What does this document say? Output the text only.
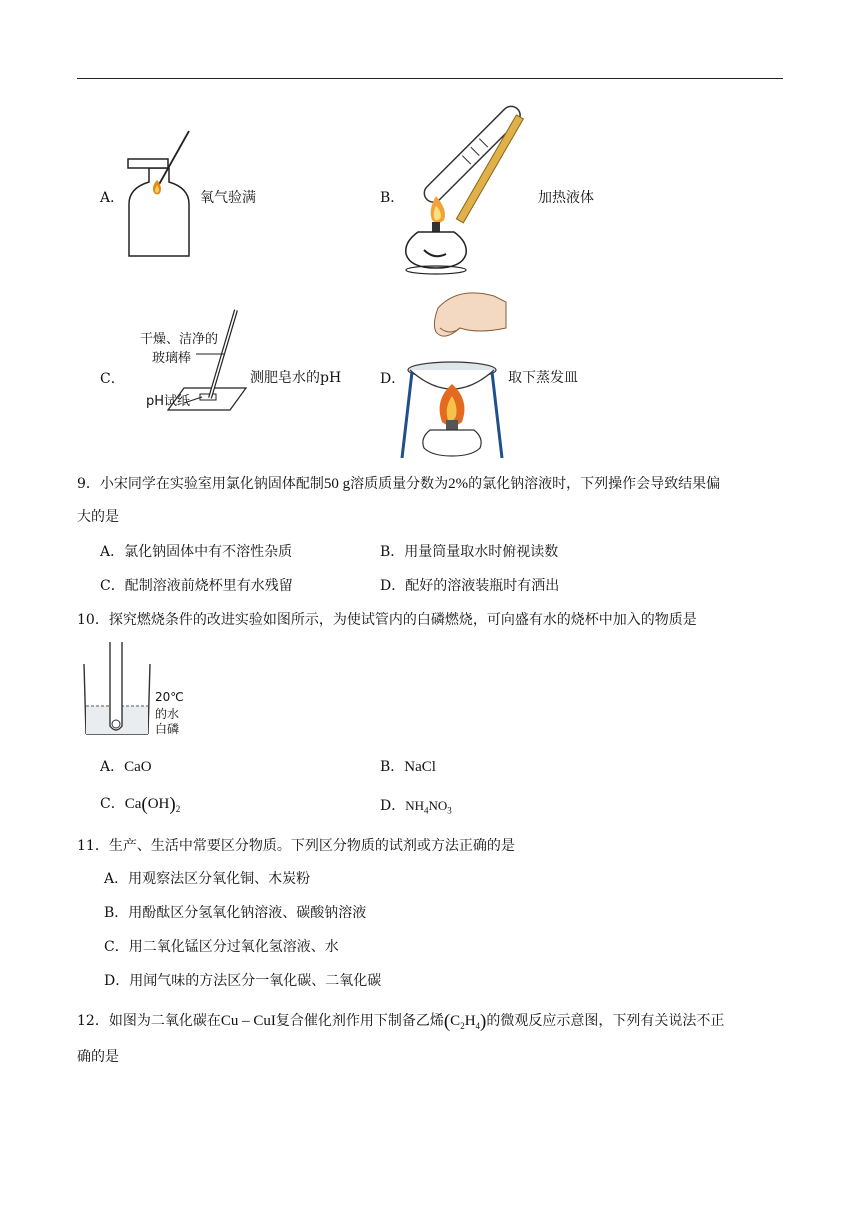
A．	氧气验满	B．	加热液体
C．
干燥、洁净的
玻璃棒
pH试纸
测肥皂水的pH	D．	取下蒸发皿
9．小宋同学在实验室用氯化钠固体配制50 g溶质质量分数为2%的氯化钠溶液时，下列操作会导致结果偏
大的是
A．氯化钠固体中有不溶性杂质	B．用量筒量取水时俯视读数
C．配制溶液前烧杯里有水残留	D．配好的溶液装瓶时有洒出
10．探究燃烧条件的改进实验如图所示，为使试管内的白磷燃烧，可向盛有水的烧杯中加入的物质是
20℃
的水
白磷
A．CaO	B．NaCl
C．$Ca(OH)_2$	D．$NH_4NO_3$
11．生产、生活中常要区分物质。下列区分物质的试剂或方法正确的是
A．用观察法区分氧化铜、木炭粉
B．用酚酞区分氢氧化钠溶液、碳酸钠溶液
C．用二氧化锰区分过氧化氢溶液、水
D．用闻气味的方法区分一氧化碳、二氧化碳
12．如图为二氧化碳在Cu – CuI复合催化剂作用下制备乙烯$(C_2H_4)$的微观反应示意图，下列有关说法不正
确的是
